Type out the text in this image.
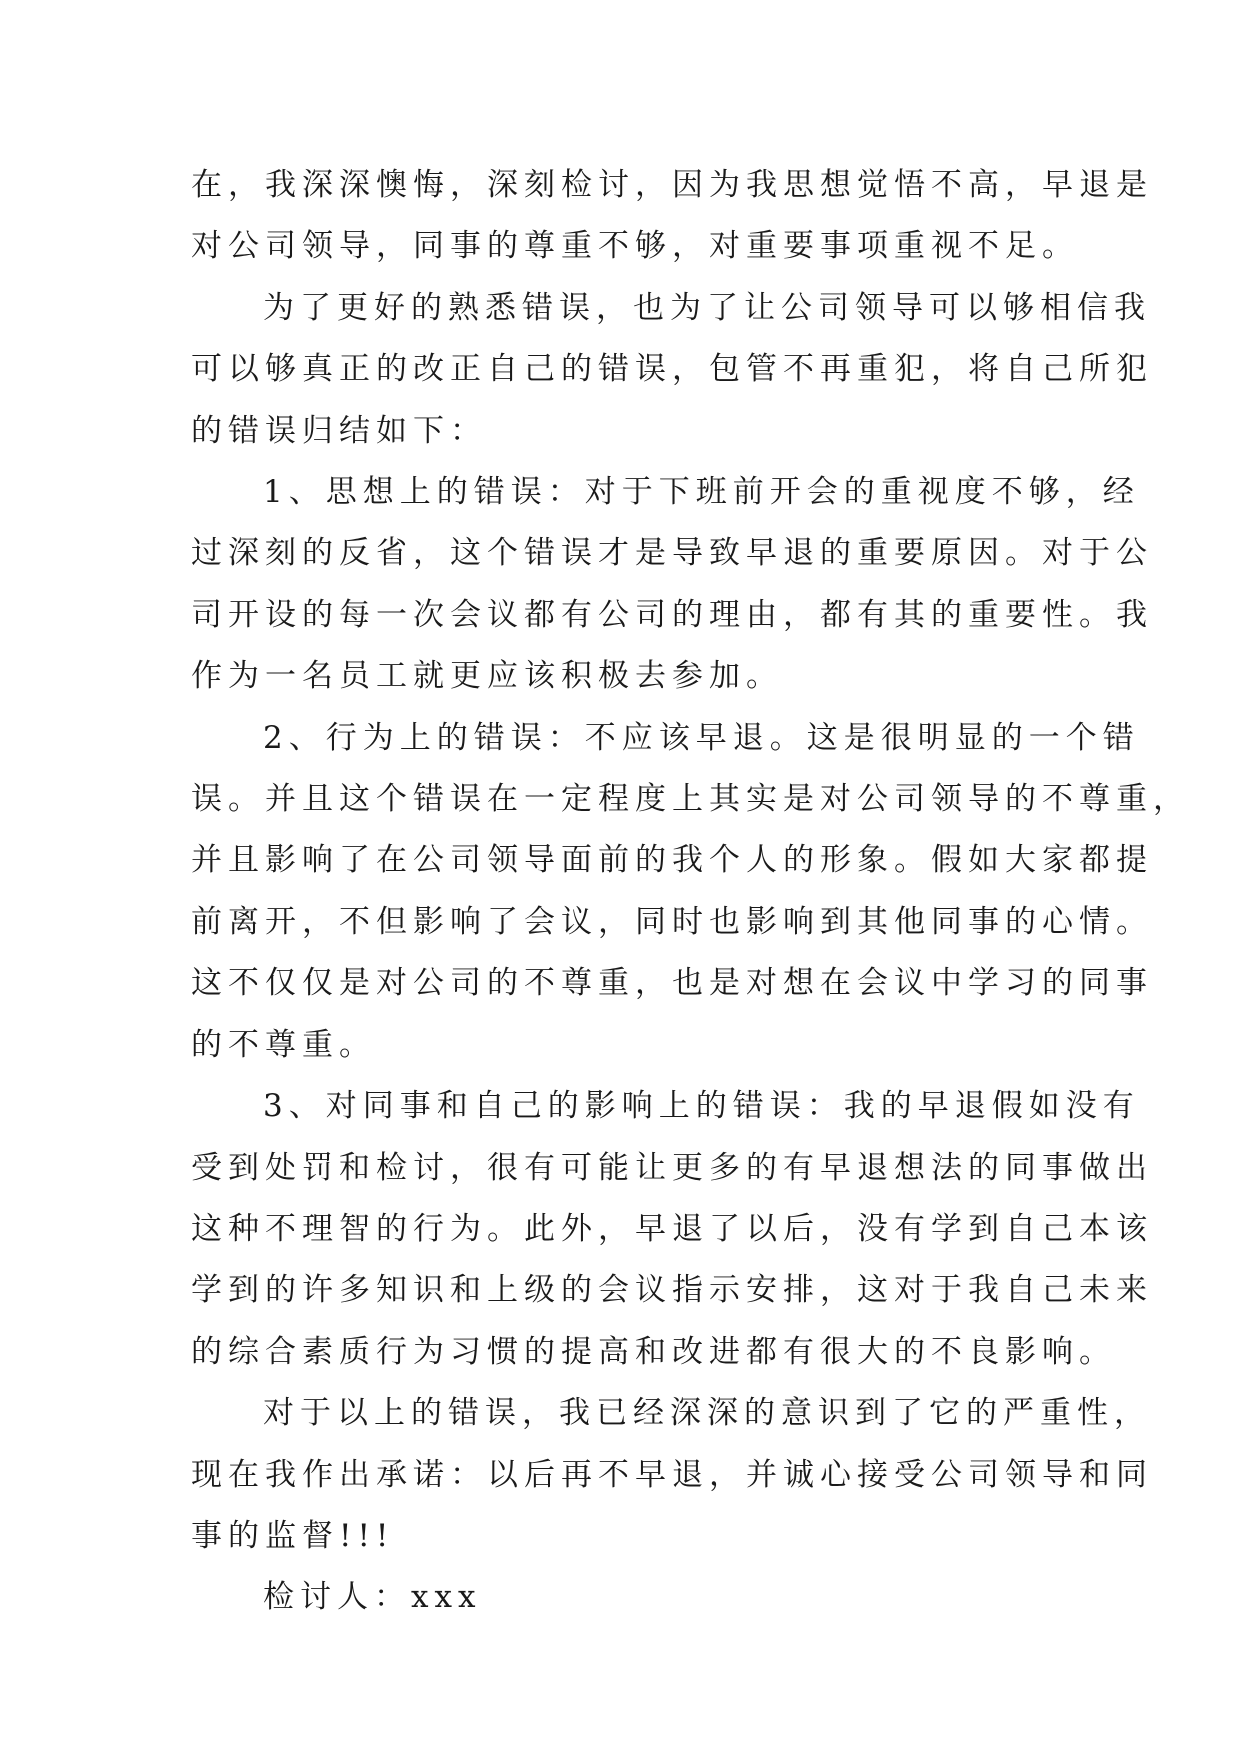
在，我深深懊悔，深刻检讨，因为我思想觉悟不高，早退是
对公司领导，同事的尊重不够，对重要事项重视不足。

为了更好的熟悉错误，也为了让公司领导可以够相信我
可以够真正的改正自己的错误，包管不再重犯，将自己所犯
的错误归结如下：

1、思想上的错误：对于下班前开会的重视度不够，经
过深刻的反省，这个错误才是导致早退的重要原因。对于公
司开设的每一次会议都有公司的理由，都有其的重要性。我
作为一名员工就更应该积极去参加。

2、行为上的错误：不应该早退。这是很明显的一个错
误。并且这个错误在一定程度上其实是对公司领导的不尊重，
并且影响了在公司领导面前的我个人的形象。假如大家都提
前离开，不但影响了会议，同时也影响到其他同事的心情。
这不仅仅是对公司的不尊重，也是对想在会议中学习的同事
的不尊重。

3、对同事和自己的影响上的错误：我的早退假如没有
受到处罚和检讨，很有可能让更多的有早退想法的同事做出
这种不理智的行为。此外，早退了以后，没有学到自己本该
学到的许多知识和上级的会议指示安排，这对于我自己未来
的综合素质行为习惯的提高和改进都有很大的不良影响。

对于以上的错误，我已经深深的意识到了它的严重性，
现在我作出承诺：以后再不早退，并诚心接受公司领导和同
事的监督!!!

检讨人：xxx
